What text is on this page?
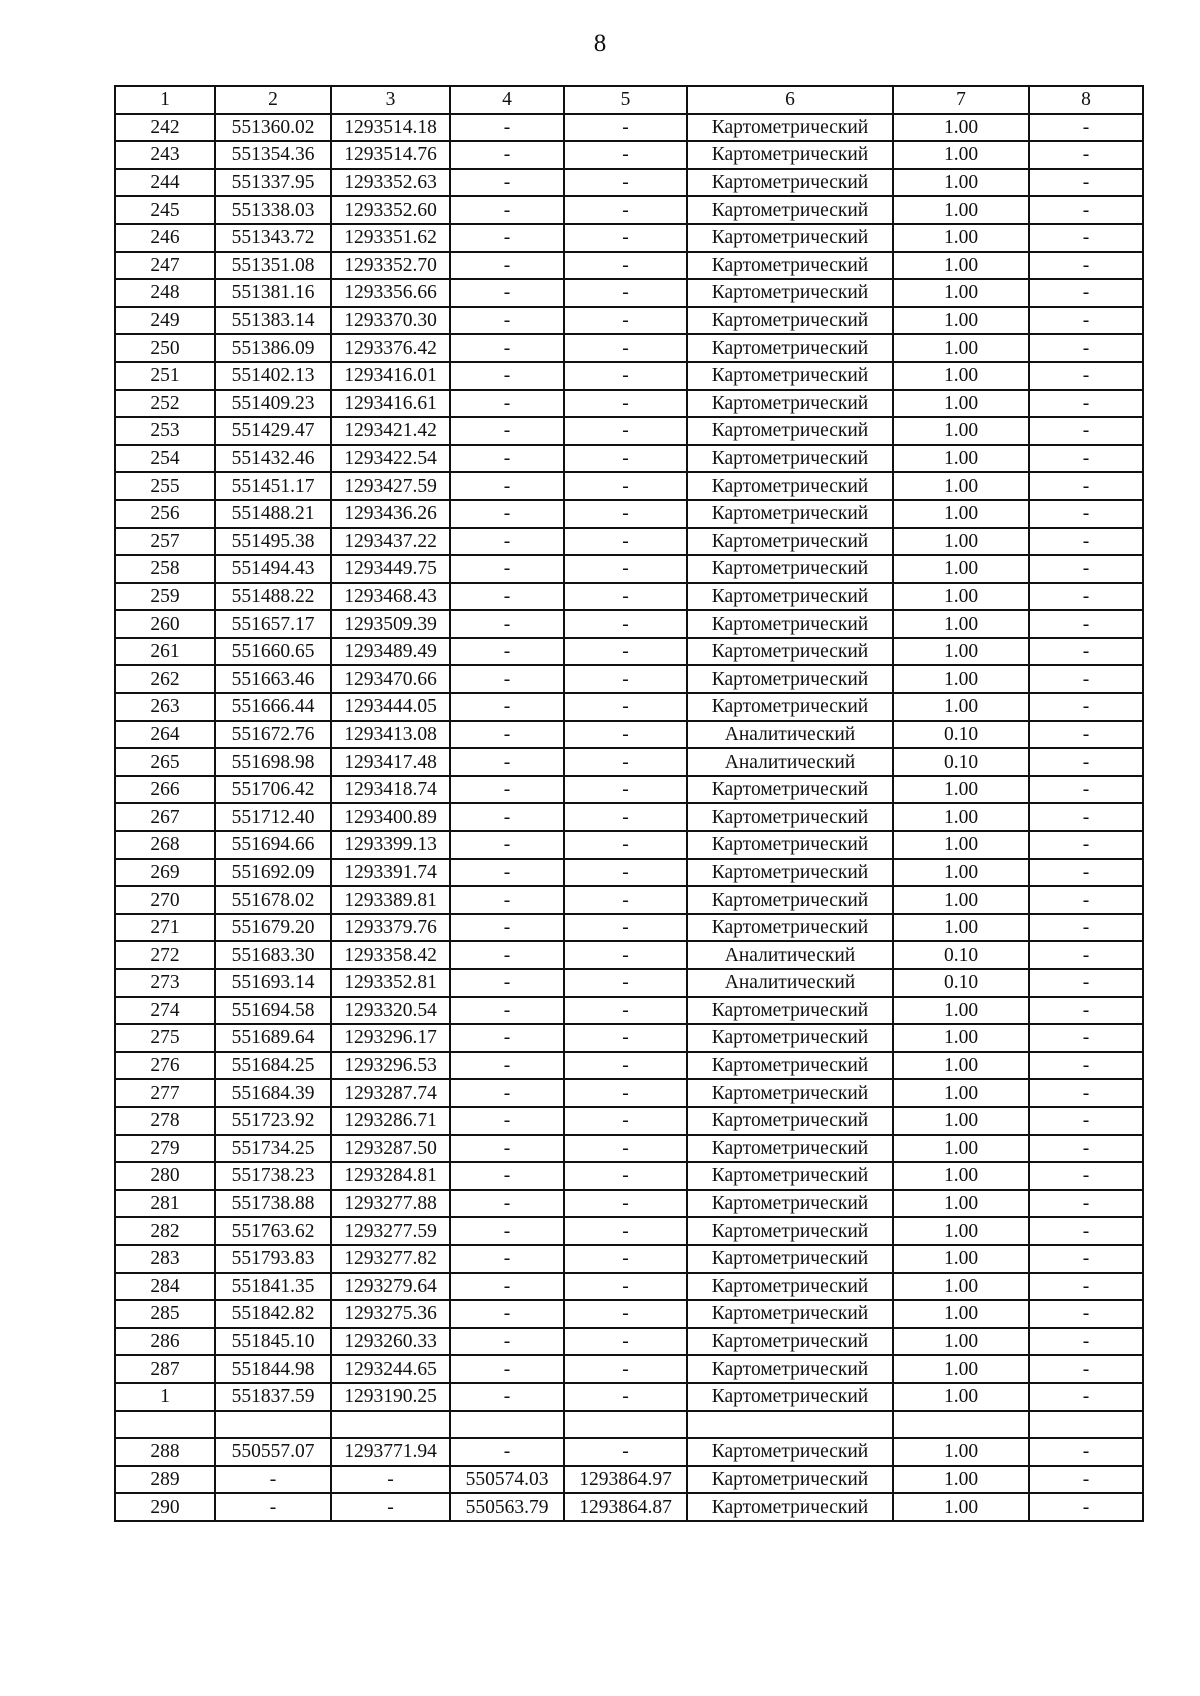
8
1	2	3	4	5	6	7	8
242	551360.02	1293514.18	-	-	Картометрический	1.00	-
243	551354.36	1293514.76	-	-	Картометрический	1.00	-
244	551337.95	1293352.63	-	-	Картометрический	1.00	-
245	551338.03	1293352.60	-	-	Картометрический	1.00	-
246	551343.72	1293351.62	-	-	Картометрический	1.00	-
247	551351.08	1293352.70	-	-	Картометрический	1.00	-
248	551381.16	1293356.66	-	-	Картометрический	1.00	-
249	551383.14	1293370.30	-	-	Картометрический	1.00	-
250	551386.09	1293376.42	-	-	Картометрический	1.00	-
251	551402.13	1293416.01	-	-	Картометрический	1.00	-
252	551409.23	1293416.61	-	-	Картометрический	1.00	-
253	551429.47	1293421.42	-	-	Картометрический	1.00	-
254	551432.46	1293422.54	-	-	Картометрический	1.00	-
255	551451.17	1293427.59	-	-	Картометрический	1.00	-
256	551488.21	1293436.26	-	-	Картометрический	1.00	-
257	551495.38	1293437.22	-	-	Картометрический	1.00	-
258	551494.43	1293449.75	-	-	Картометрический	1.00	-
259	551488.22	1293468.43	-	-	Картометрический	1.00	-
260	551657.17	1293509.39	-	-	Картометрический	1.00	-
261	551660.65	1293489.49	-	-	Картометрический	1.00	-
262	551663.46	1293470.66	-	-	Картометрический	1.00	-
263	551666.44	1293444.05	-	-	Картометрический	1.00	-
264	551672.76	1293413.08	-	-	Аналитический	0.10	-
265	551698.98	1293417.48	-	-	Аналитический	0.10	-
266	551706.42	1293418.74	-	-	Картометрический	1.00	-
267	551712.40	1293400.89	-	-	Картометрический	1.00	-
268	551694.66	1293399.13	-	-	Картометрический	1.00	-
269	551692.09	1293391.74	-	-	Картометрический	1.00	-
270	551678.02	1293389.81	-	-	Картометрический	1.00	-
271	551679.20	1293379.76	-	-	Картометрический	1.00	-
272	551683.30	1293358.42	-	-	Аналитический	0.10	-
273	551693.14	1293352.81	-	-	Аналитический	0.10	-
274	551694.58	1293320.54	-	-	Картометрический	1.00	-
275	551689.64	1293296.17	-	-	Картометрический	1.00	-
276	551684.25	1293296.53	-	-	Картометрический	1.00	-
277	551684.39	1293287.74	-	-	Картометрический	1.00	-
278	551723.92	1293286.71	-	-	Картометрический	1.00	-
279	551734.25	1293287.50	-	-	Картометрический	1.00	-
280	551738.23	1293284.81	-	-	Картометрический	1.00	-
281	551738.88	1293277.88	-	-	Картометрический	1.00	-
282	551763.62	1293277.59	-	-	Картометрический	1.00	-
283	551793.83	1293277.82	-	-	Картометрический	1.00	-
284	551841.35	1293279.64	-	-	Картометрический	1.00	-
285	551842.82	1293275.36	-	-	Картометрический	1.00	-
286	551845.10	1293260.33	-	-	Картометрический	1.00	-
287	551844.98	1293244.65	-	-	Картометрический	1.00	-
1	551837.59	1293190.25	-	-	Картометрический	1.00	-

288	550557.07	1293771.94	-	-	Картометрический	1.00	-
289	-	-	550574.03	1293864.97	Картометрический	1.00	-
290	-	-	550563.79	1293864.87	Картометрический	1.00	-
